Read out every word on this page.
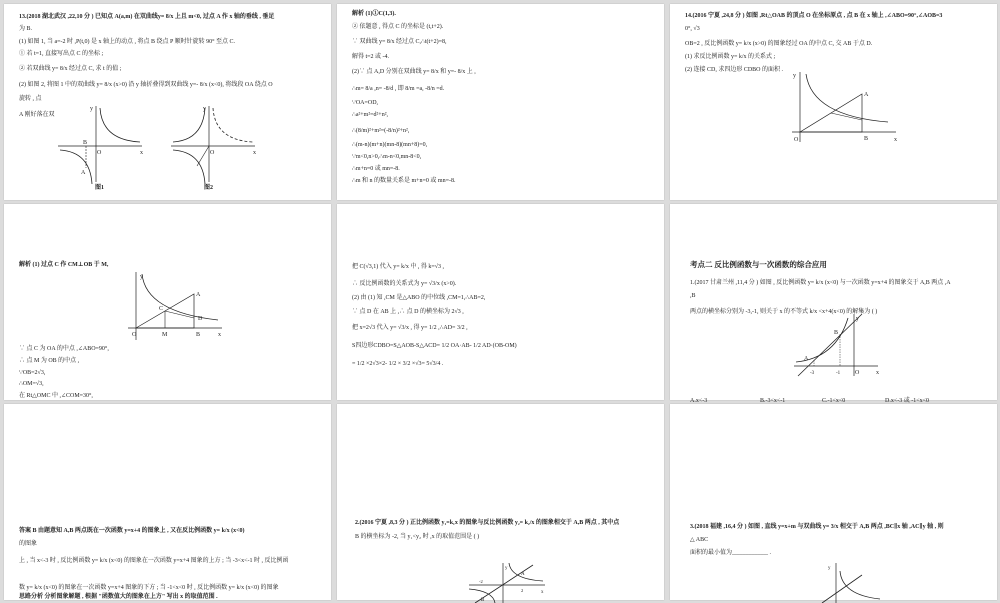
13.(2018 湖北武汉 ,22,10 分 ) 已知点 A(a,m) 在双曲线y= 8/x 上且 m<0, 过点 A 作 x 轴的垂线 , 垂足
为 B.
(1) 如图 1, 当 a=-2 时 ,P(t,0) 是 x 轴上的动点 , 将点 B 绕点 P 顺时针旋转 90° 至点 C.
① 若 t=1, 直接写出点 C 的坐标 ;
② 若双曲线 y= 8/x 经过点 C, 求 t 的值 ;
(2) 如图 2, 将图 1 中的双曲线 y= 8/x (x>0) 沿 y 轴折叠得到双曲线 y=- 8/x (x<0), 将线段 OA 绕点 O
旋转 , 点
A 刚好落在双
y
x
O
A
B
图1
y
x
O
图2
解析 (1)①C(1,3).
② 依题意 , 得点 C 的坐标是 (t,t+2).
∵ 双曲线 y= 8/x 经过点 C,∴t(t+2)=8,
解得 t=2 或 -4.
(2)∵ 点 A,D 分别在双曲线 y= 8/x 和 y=- 8/x 上 ,
∴m= 8/a ,n= -8/d , 即 8/m =a, -8/n =d.
∵OA=OD,
∴a²+m²=d²+n²,
∴(8/m)²+m²=(-8/n)²+n²,
∴(m-n)(m+n)(mn-8)(mn+8)=0,
∵m<0,n>0,∴m-n<0,mn-8<0,
∴m+n=0 或 mn=-8.
∴m 和 n 的数量关系是 m+n=0 或 mn=-8.
14.(2016 宁夏 ,24,8 分 ) 如图 ,Rt△OAB 的顶点 O 在坐标原点 , 点 B 在 x 轴上 ,∠ABO=90°,∠AOB=3
0°, √3
OB=2 , 反比例函数 y= k/x (x>0) 的图象经过 OA 的中点 C, 交 AB 于点 D.
(1) 求反比例函数 y= k/x 的关系式 ;
(2) 连接 CD, 求四边形 CDBO 的面积 .
y
x
O
A
B
解析 (1) 过点 C 作 CM⊥OB 于 M,
y
x
O
A
B
C
D
M
∵ 点 C 为 OA 的中点 ,∠ABO=90°,
∴ 点 M 为 OB 的中点 ,
∵OB=2√3,
∴OM=√3,
在 Rt△OMC 中 ,∠COM=30°,
把 C(√3,1) 代入 y= k/x 中 , 得 k=√3 ,
∴ 反比例函数的关系式为 y= √3/x (x>0).
(2) 由 (1) 知 ,CM 是△ABO 的中位线 ,CM=1,∴AB=2,
∵ 点 D 在 AB 上 ,∴ 点 D 的横坐标为 2√3 ,
把 x=2√3 代入 y= √3/x , 得 y= 1/2 ,∴AD= 3/2 ,
S四边形CDBO=S△AOB-S△ACD= 1/2 OA·AB- 1/2 AD·(OB-OM)
= 1/2 ×2√3×2- 1/2 × 3/2 ×√3= 5√3/4 .
考点二 反比例函数与一次函数的综合应用
1.(2017 甘肃兰州 ,11,4 分 ) 如图 , 反比例函数 y= k/x (x<0) 与一次函数 y=x+4 的图象交于 A,B 两点 ,A
,B
两点的横坐标分别为 -3,-1, 则关于 x 的不等式 k/x <x+4(x<0) 的解集为 ( )
y
x
O
A
B
-3	-1
A.x<-3	B.-3<x<-1	C.-1<x<0	D.x<-3 或 -1<x<0
答案 B 由题意知 A,B 两点既在一次函数 y=x+4 的图象上 , 又在反比例函数 y= k/x (x<0)
的图象
上 , 当 x<-3 时 , 反比例函数 y= k/x (x<0) 的图象在一次函数 y=x+4 图象的上方 ; 当 -3<x<-1 时 , 反比例函
数 y= k/x (x<0) 的图象在一次函数 y=x+4 图象的下方 ; 当 -1<x<0 时 , 反比例函数 y= k/x (x<0) 的图象
思路分析 分析图象解题 , 根据 "函数值大的图象在上方" 写出 x 的取值范围 .
2.(2016 宁夏 ,8,3 分 ) 正比例函数 y₁=k₁x 的图象与反比例函数 y₂= k₂/x 的图象相交于 A,B 两点 , 其中点
B 的横坐标为 -2, 当 y₁<y₂ 时 ,x 的取值范围是 ( )
y
x
A
B
-2
2
3.(2018 福建 ,16,4 分 ) 如图 , 直线 y=x+m 与双曲线 y= 3/x 相交于 A,B 两点 ,BC∥x 轴 ,AC∥y 轴 , 则
△ ABC
面积的最小值为____________ .
y
